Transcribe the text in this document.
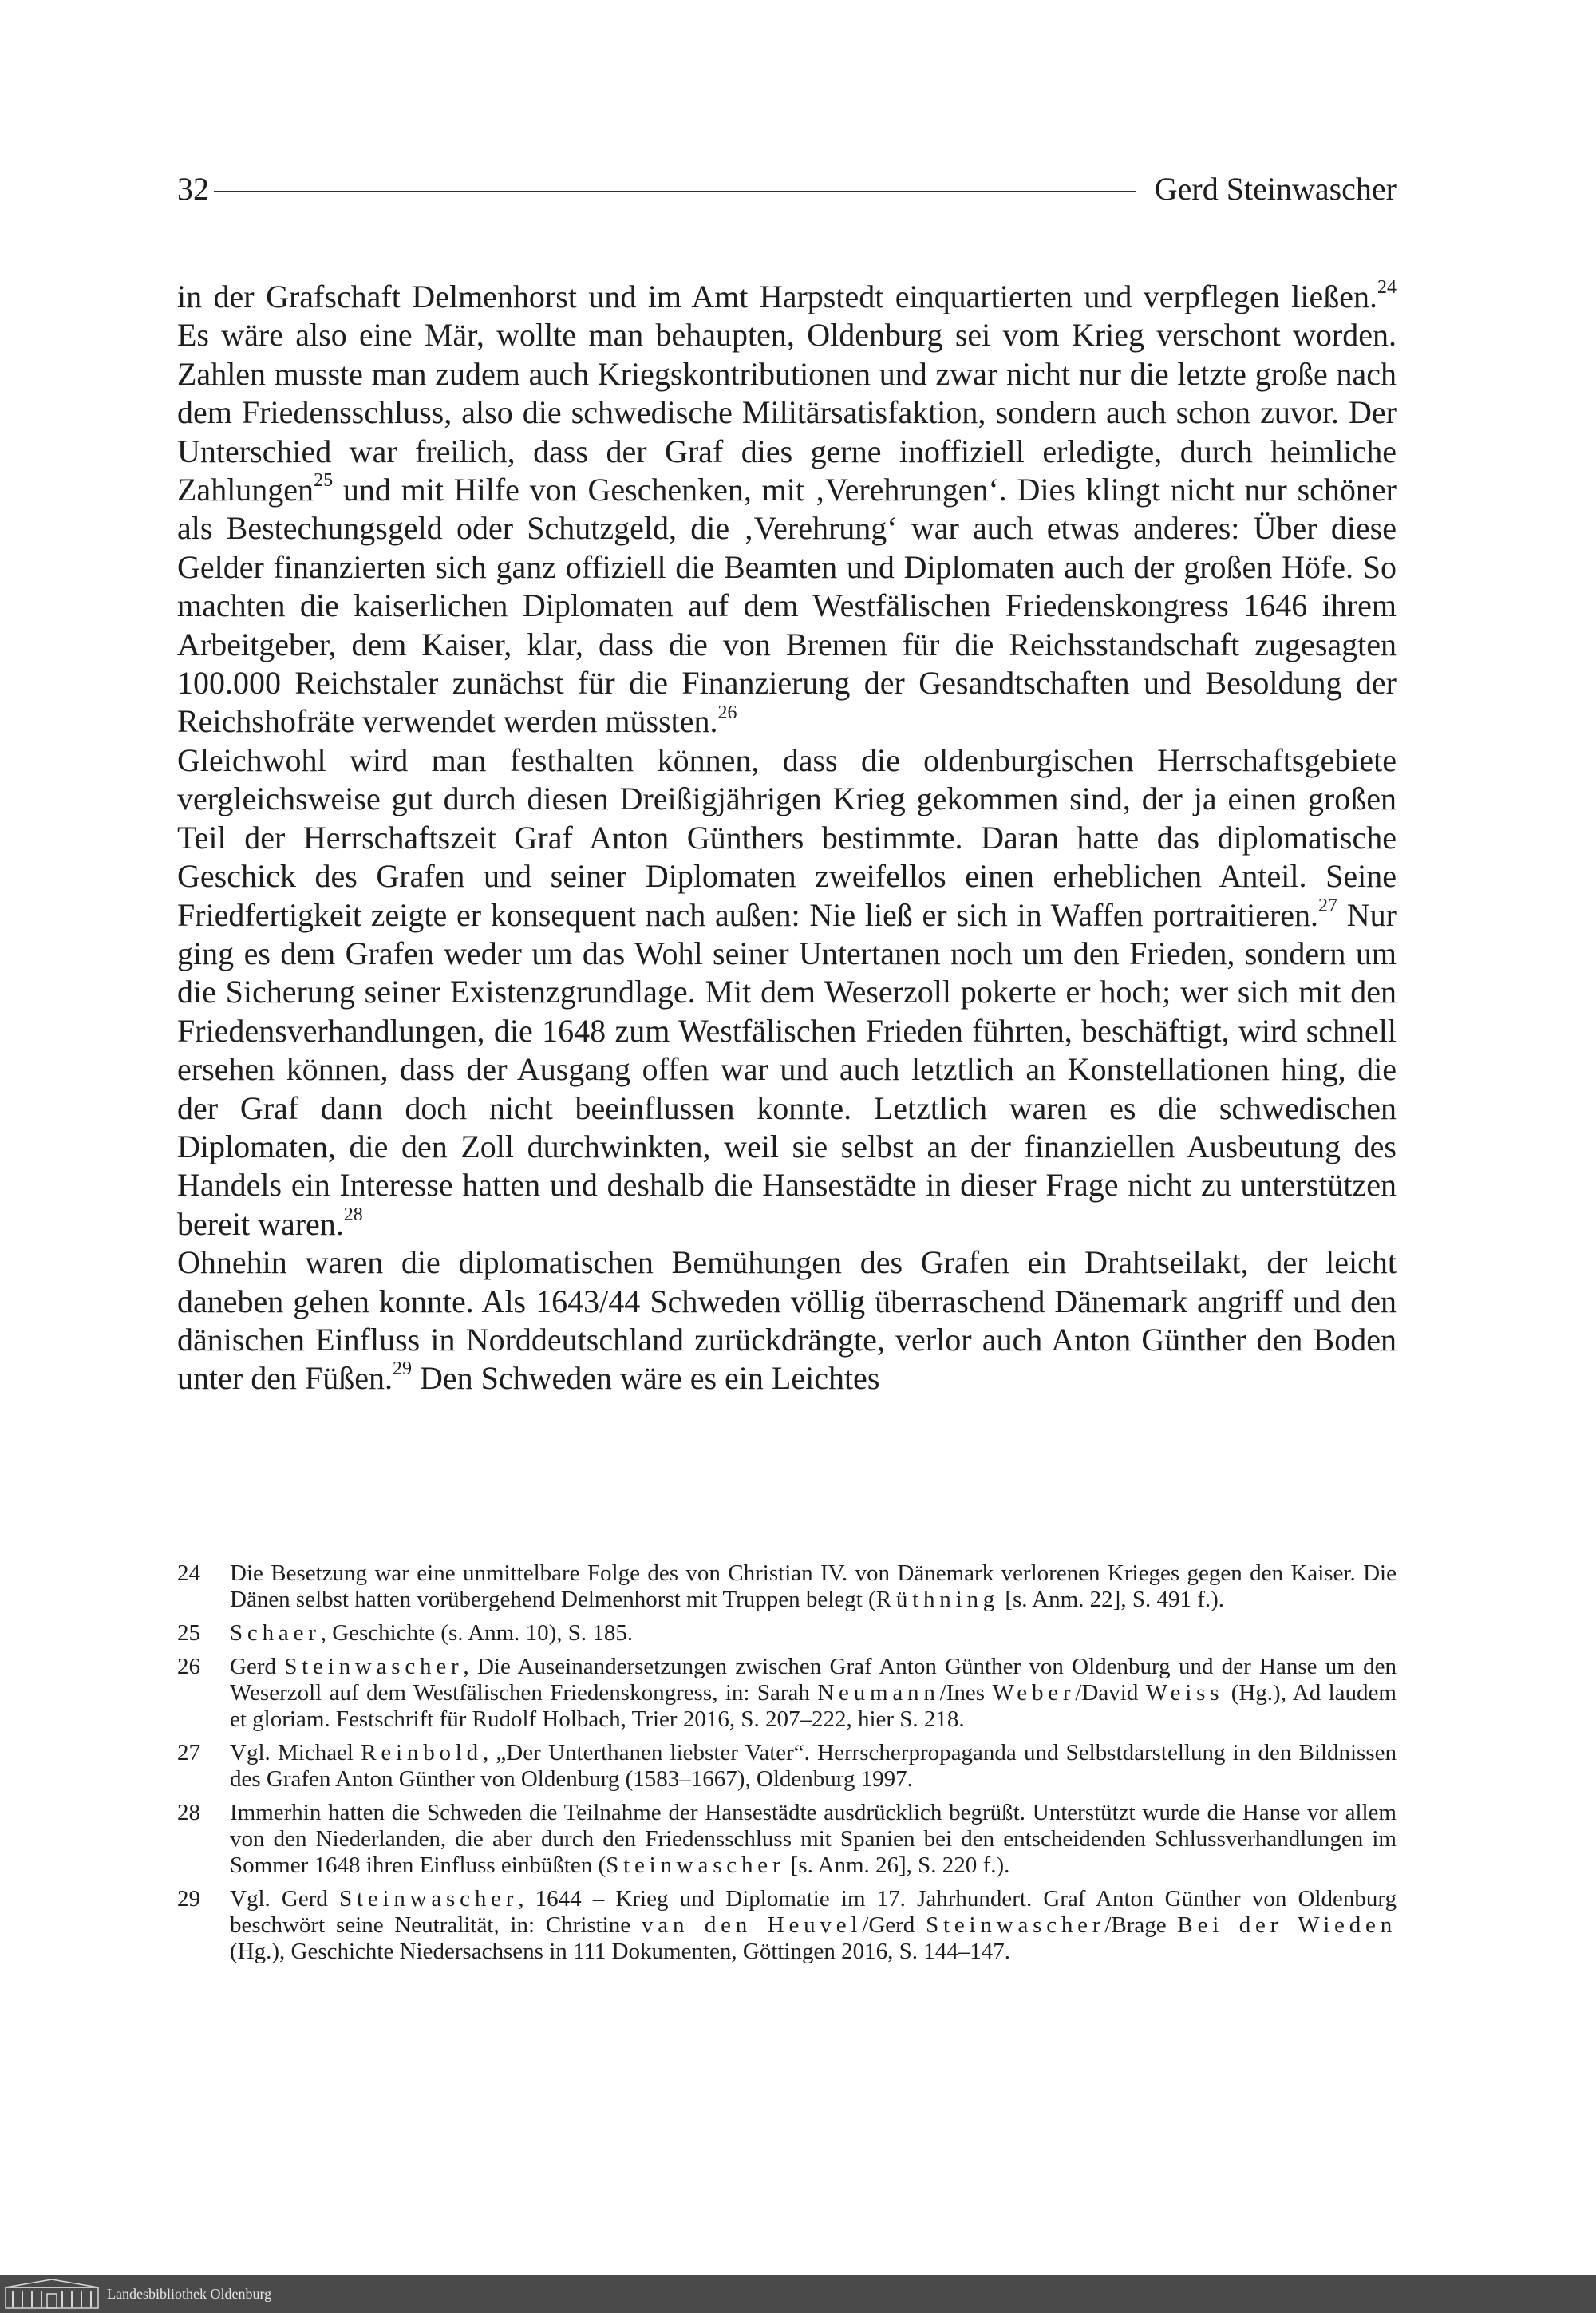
32	Gerd Steinwascher

in der Grafschaft Delmenhorst und im Amt Harpstedt einquartierten und verpflegen ließen.$^{24}$ Es wäre also eine Mär, wollte man behaupten, Oldenburg sei vom Krieg verschont worden. Zahlen musste man zudem auch Kriegskontributionen und zwar nicht nur die letzte große nach dem Friedensschluss, also die schwedische Militärsatisfaktion, sondern auch schon zuvor. Der Unterschied war freilich, dass der Graf dies gerne inoffiziell erledigte, durch heimliche Zahlungen$^{25}$ und mit Hilfe von Geschenken, mit ‚Verehrungen‘. Dies klingt nicht nur schöner als Bestechungsgeld oder Schutzgeld, die ‚Verehrung‘ war auch etwas anderes: Über diese Gelder finanzierten sich ganz offiziell die Beamten und Diplomaten auch der großen Höfe. So machten die kaiserlichen Diplomaten auf dem Westfälischen Friedenskongress 1646 ihrem Arbeitgeber, dem Kaiser, klar, dass die von Bremen für die Reichsstandschaft zugesagten 100.000 Reichstaler zunächst für die Finanzierung der Gesandtschaften und Besoldung der Reichshofräte verwendet werden müssten.$^{26}$

Gleichwohl wird man festhalten können, dass die oldenburgischen Herrschaftsgebiete vergleichsweise gut durch diesen Dreißigjährigen Krieg gekommen sind, der ja einen großen Teil der Herrschaftszeit Graf Anton Günthers bestimmte. Daran hatte das diplomatische Geschick des Grafen und seiner Diplomaten zweifellos einen erheblichen Anteil. Seine Friedfertigkeit zeigte er konsequent nach außen: Nie ließ er sich in Waffen portraitieren.$^{27}$ Nur ging es dem Grafen weder um das Wohl seiner Untertanen noch um den Frieden, sondern um die Sicherung seiner Existenzgrundlage. Mit dem Weserzoll pokerte er hoch; wer sich mit den Friedensverhandlungen, die 1648 zum Westfälischen Frieden führten, beschäftigt, wird schnell ersehen können, dass der Ausgang offen war und auch letztlich an Konstellationen hing, die der Graf dann doch nicht beeinflussen konnte. Letztlich waren es die schwedischen Diplomaten, die den Zoll durchwinkten, weil sie selbst an der finanziellen Ausbeutung des Handels ein Interesse hatten und deshalb die Hansestädte in dieser Frage nicht zu unterstützen bereit waren.$^{28}$

Ohnehin waren die diplomatischen Bemühungen des Grafen ein Drahtseilakt, der leicht daneben gehen konnte. Als 1643/44 Schweden völlig überraschend Dänemark angriff und den dänischen Einfluss in Norddeutschland zurückdrängte, verlor auch Anton Günther den Boden unter den Füßen.$^{29}$ Den Schweden wäre es ein Leichtes

24	Die Besetzung war eine unmittelbare Folge des von Christian IV. von Dänemark verlorenen Krieges gegen den Kaiser. Die Dänen selbst hatten vorübergehend Delmenhorst mit Truppen belegt (Rüthning [s. Anm. 22], S. 491 f.).
25	Schaer, Geschichte (s. Anm. 10), S. 185.
26	Gerd Steinwascher, Die Auseinandersetzungen zwischen Graf Anton Günther von Oldenburg und der Hanse um den Weserzoll auf dem Westfälischen Friedenskongress, in: Sarah Neumann/Ines Weber/David Weiss (Hg.), Ad laudem et gloriam. Festschrift für Rudolf Holbach, Trier 2016, S. 207–222, hier S. 218.
27	Vgl. Michael Reinbold, „Der Unterthanen liebster Vater“. Herrscherpropaganda und Selbstdarstellung in den Bildnissen des Grafen Anton Günther von Oldenburg (1583–1667), Oldenburg 1997.
28	Immerhin hatten die Schweden die Teilnahme der Hansestädte ausdrücklich begrüßt. Unterstützt wurde die Hanse vor allem von den Niederlanden, die aber durch den Friedensschluss mit Spanien bei den entscheidenden Schlussverhandlungen im Sommer 1648 ihren Einfluss einbüßten (Steinwascher [s. Anm. 26], S. 220 f.).
29	Vgl. Gerd Steinwascher, 1644 – Krieg und Diplomatie im 17. Jahrhundert. Graf Anton Günther von Oldenburg beschwört seine Neutralität, in: Christine van den Heuvel/Gerd Steinwascher/Brage Bei der Wieden (Hg.), Geschichte Niedersachsens in 111 Dokumenten, Göttingen 2016, S. 144–147.
Landesbibliothek Oldenburg
